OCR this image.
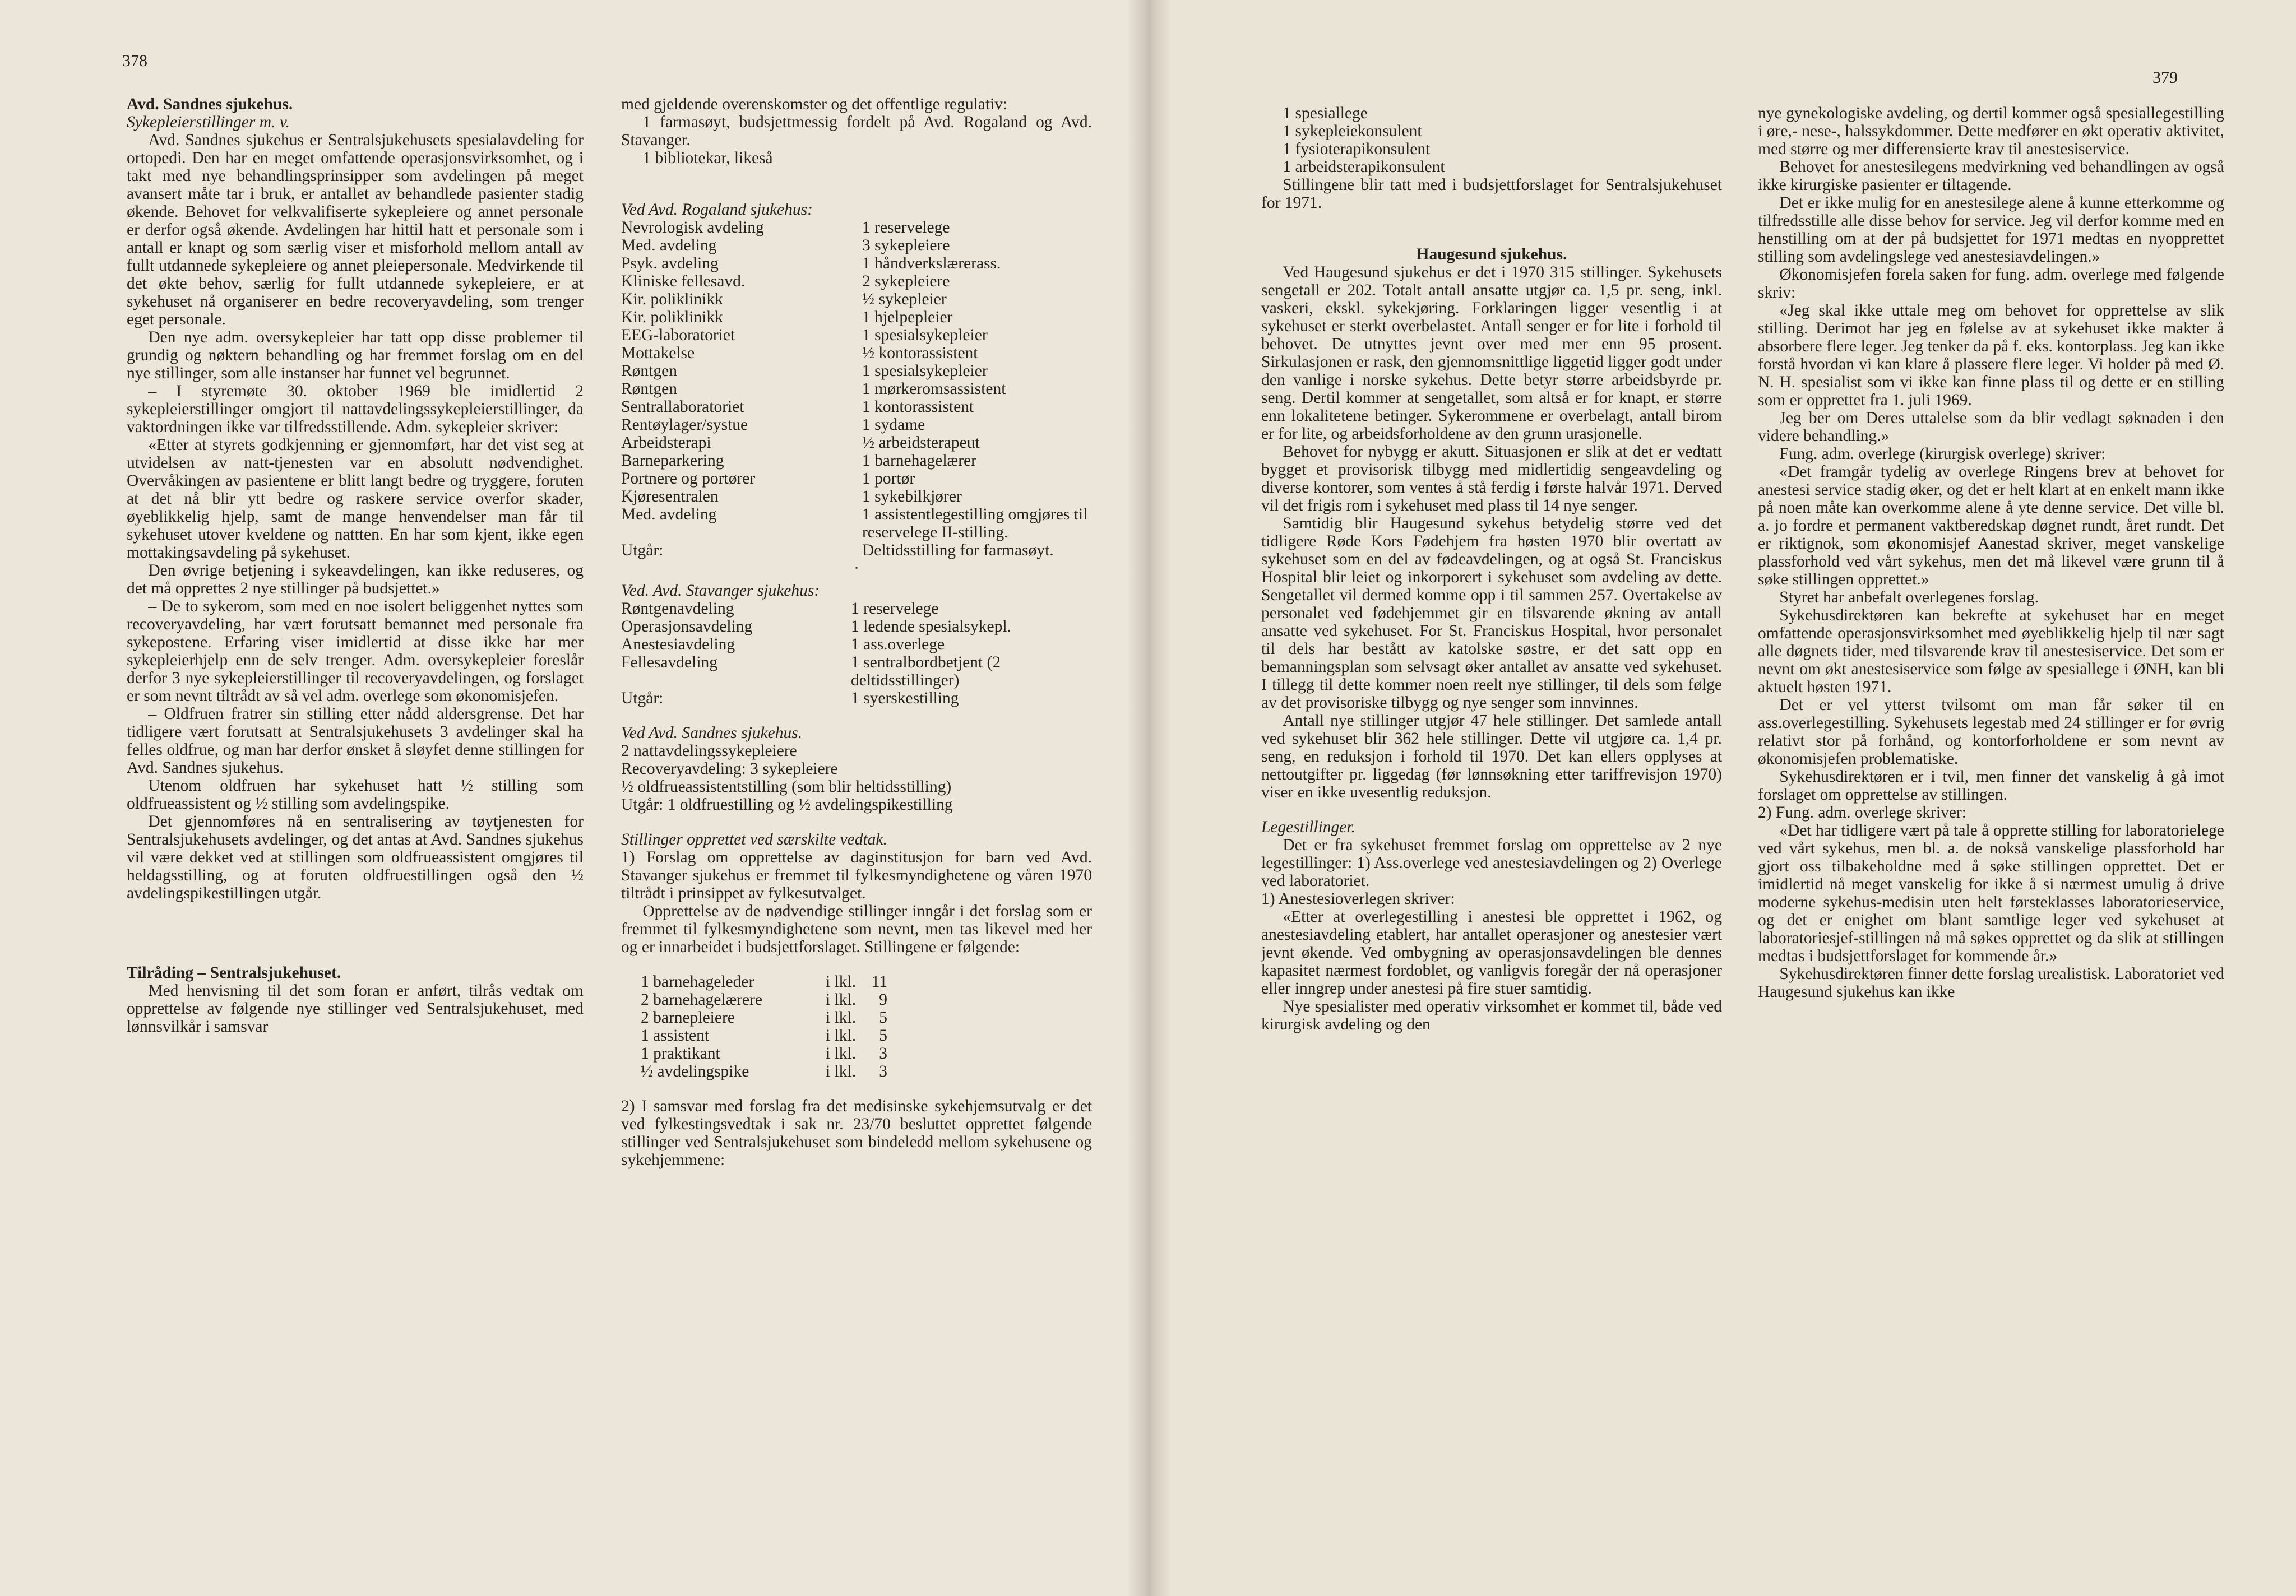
378
Avd. Sandnes sjukehus.

Sykepleierstillinger m. v.

Avd. Sandnes sjukehus er Sentralsjukehusets spesialavdeling for ortopedi. Den har en meget omfattende operasjonsvirksomhet, og i takt med nye behandlingsprinsipper som avdelingen på meget avansert måte tar i bruk, er antallet av behandlede pasienter stadig økende. Behovet for velkvalifiserte sykepleiere og annet personale er derfor også økende. Avdelingen har hittil hatt et personale som i antall er knapt og som særlig viser et misforhold mellom antall av fullt utdannede sykepleiere og annet pleiepersonale. Medvirkende til det økte behov, særlig for fullt utdannede sykepleiere, er at sykehuset nå organiserer en bedre recoveryavdeling, som trenger eget personale.

Den nye adm. oversykepleier har tatt opp disse problemer til grundig og nøktern behandling og har fremmet forslag om en del nye stillinger, som alle instanser har funnet vel begrunnet.

– I styremøte 30. oktober 1969 ble imidlertid 2 sykepleierstillinger omgjort til nattavdelingssykepleierstillinger, da vaktordningen ikke var tilfredsstillende. Adm. sykepleier skriver:

«Etter at styrets godkjenning er gjennomført, har det vist seg at utvidelsen av natt-tjenesten var en absolutt nødvendighet. Overvåkingen av pasientene er blitt langt bedre og tryggere, foruten at det nå blir ytt bedre og raskere service overfor skader, øyeblikkelig hjelp, samt de mange henvendelser man får til sykehuset utover kveldene og nattten. En har som kjent, ikke egen mottakingsavdeling på sykehuset.

Den øvrige betjening i sykeavdelingen, kan ikke reduseres, og det må opprettes 2 nye stillinger på budsjettet.»

– De to sykerom, som med en noe isolert beliggenhet nyttes som recoveryavdeling, har vært forutsatt bemannet med personale fra sykepostene. Erfaring viser imidlertid at disse ikke har mer sykepleierhjelp enn de selv trenger. Adm. oversykepleier foreslår derfor 3 nye sykepleierstillinger til recoveryavdelingen, og forslaget er som nevnt tiltrådt av så vel adm. overlege som økonomisjefen.

– Oldfruen fratrer sin stilling etter nådd aldersgrense. Det har tidligere vært forutsatt at Sentralsjukehusets 3 avdelinger skal ha felles oldfrue, og man har derfor ønsket å sløyfet denne stillingen for Avd. Sandnes sjukehus.

Utenom oldfruen har sykehuset hatt ½ stilling som oldfrueassistent og ½ stilling som avdelingspike.

Det gjennomføres nå en sentralisering av tøytjenesten for Sentralsjukehusets avdelinger, og det antas at Avd. Sandnes sjukehus vil være dekket ved at stillingen som oldfrueassistent omgjøres til heldagsstilling, og at foruten oldfruestillingen også den ½ avdelingspikestillingen utgår.

Tilråding – Sentralsjukehuset.

Med henvisning til det som foran er anført, tilrås vedtak om opprettelse av følgende nye stillinger ved Sentralsjukehuset, med lønnsvilkår i samsvar

med gjeldende overenskomster og det offentlige regulativ:

1 farmasøyt, budsjettmessig fordelt på Avd. Rogaland og Avd. Stavanger.

1 bibliotekar, likeså

Ved Avd. Rogaland sjukehus:

Nevrologisk avdeling	1 reservelege
Med. avdeling	3 sykepleiere
Psyk. avdeling	1 håndverkslærerass.
Kliniske fellesavd.	2 sykepleiere
Kir. poliklinikk	½ sykepleier
Kir. poliklinikk	1 hjelpepleier
EEG-laboratoriet	1 spesialsykepleier
Mottakelse	½ kontorassistent
Røntgen	1 spesialsykepleier
Røntgen	1 mørkeromsassistent
Sentrallaboratoriet	1 kontorassistent
Rentøylager/systue	1 sydame
Arbeidsterapi	½ arbeidsterapeut
Barneparkering	1 barnehagelærer
Portnere og portører	1 portør
Kjøresentralen	1 sykebilkjører
Med. avdeling	1 assistentlegestilling omgjøres til reservelege II-stilling.
Utgår:	Deltidsstilling for farmasøyt.
·

Ved. Avd. Stavanger sjukehus:

Røntgenavdeling	1 reservelege
Operasjonsavdeling	1 ledende spesialsykepl.
Anestesiavdeling	1 ass.overlege
Fellesavdeling	1 sentralbordbetjent (2 deltidsstillinger)
Utgår:	1 syerskestilling

Ved Avd. Sandnes sjukehus.

2 nattavdelingssykepleiere
Recoveryavdeling: 3 sykepleiere
½ oldfrueassistentstilling (som blir heltidsstilling)
Utgår: 1 oldfruestilling og ½ avdelingspikestilling

Stillinger opprettet ved særskilte vedtak.

1) Forslag om opprettelse av daginstitusjon for barn ved Avd. Stavanger sjukehus er fremmet til fylkesmyndighetene og våren 1970 tiltrådt i prinsippet av fylkesutvalget.

Opprettelse av de nødvendige stillinger inngår i det forslag som er fremmet til fylkesmyndighetene som nevnt, men tas likevel med her og er innarbeidet i budsjettforslaget. Stillingene er følgende:

1 barnehageleder	i lkl. 11
2 barnehagelærere	i lkl.	9
2 barnepleiere	i lkl.	5
1 assistent	i lkl.	5
1 praktikant	i lkl.	3
½ avdelingspike	i lkl.	3

2) I samsvar med forslag fra det medisinske sykehjemsutvalg er det ved fylkestingsvedtak i sak nr. 23/70 besluttet opprettet følgende stillinger ved Sentralsjukehuset som bindeledd mellom sykehusene og sykehjemmene:

379
1 spesiallege
1 sykepleiekonsulent
1 fysioterapikonsulent
1 arbeidsterapikonsulent

Stillingene blir tatt med i budsjettforslaget for Sentralsjukehuset for 1971.

Haugesund sjukehus.

Ved Haugesund sjukehus er det i 1970 315 stillinger. Sykehusets sengetall er 202. Totalt antall ansatte utgjør ca. 1,5 pr. seng, inkl. vaskeri, ekskl. sykekjøring. Forklaringen ligger vesentlig i at sykehuset er sterkt overbelastet. Antall senger er for lite i forhold til behovet. De utnyttes jevnt over med mer enn 95 prosent. Sirkulasjonen er rask, den gjennomsnittlige liggetid ligger godt under den vanlige i norske sykehus. Dette betyr større arbeidsbyrde pr. seng. Dertil kommer at sengetallet, som altså er for knapt, er større enn lokalitetene betinger. Sykerommene er overbelagt, antall birom er for lite, og arbeidsforholdene av den grunn urasjonelle.

Behovet for nybygg er akutt. Situasjonen er slik at det er vedtatt bygget et provisorisk tilbygg med midlertidig sengeavdeling og diverse kontorer, som ventes å stå ferdig i første halvår 1971. Derved vil det frigis rom i sykehuset med plass til 14 nye senger.

Samtidig blir Haugesund sykehus betydelig større ved det tidligere Røde Kors Fødehjem fra høsten 1970 blir overtatt av sykehuset som en del av fødeavdelingen, og at også St. Franciskus Hospital blir leiet og inkorporert i sykehuset som avdeling av dette. Sengetallet vil dermed komme opp i til sammen 257. Overtakelse av personalet ved fødehjemmet gir en tilsvarende økning av antall ansatte ved sykehuset. For St. Franciskus Hospital, hvor personalet til dels har bestått av katolske søstre, er det satt opp en bemanningsplan som selvsagt øker antallet av ansatte ved sykehuset. I tillegg til dette kommer noen reelt nye stillinger, til dels som følge av det provisoriske tilbygg og nye senger som innvinnes.

Antall nye stillinger utgjør 47 hele stillinger. Det samlede antall ved sykehuset blir 362 hele stillinger. Dette vil utgjøre ca. 1,4 pr. seng, en reduksjon i forhold til 1970. Det kan ellers opplyses at nettoutgifter pr. liggedag (før lønnsøkning etter tariffrevisjon 1970) viser en ikke uvesentlig reduksjon.

Legestillinger.

Det er fra sykehuset fremmet forslag om opprettelse av 2 nye legestillinger: 1) Ass.overlege ved anestesiavdelingen og 2) Overlege ved laboratoriet.

1) Anestesioverlegen skriver:

«Etter at overlegestilling i anestesi ble opprettet i 1962, og anestesiavdeling etablert, har antallet operasjoner og anestesier vært jevnt økende. Ved ombygning av operasjonsavdelingen ble dennes kapasitet nærmest fordoblet, og vanligvis foregår der nå operasjoner eller inngrep under anestesi på fire stuer samtidig.

Nye spesialister med operativ virksomhet er kommet til, både ved kirurgisk avdeling og den

nye gynekologiske avdeling, og dertil kommer også spesiallegestilling i øre,- nese-, halssykdommer. Dette medfører en økt operativ aktivitet, med større og mer differensierte krav til anestesiservice.

Behovet for anestesilegens medvirkning ved behandlingen av også ikke kirurgiske pasienter er tiltagende.

Det er ikke mulig for en anestesilege alene å kunne etterkomme og tilfredsstille alle disse behov for service. Jeg vil derfor komme med en henstilling om at der på budsjettet for 1971 medtas en nyopprettet stilling som avdelingslege ved anestesiavdelingen.»

Økonomisjefen forela saken for fung. adm. overlege med følgende skriv:

«Jeg skal ikke uttale meg om behovet for opprettelse av slik stilling. Derimot har jeg en følelse av at sykehuset ikke makter å absorbere flere leger. Jeg tenker da på f. eks. kontorplass. Jeg kan ikke forstå hvordan vi kan klare å plassere flere leger. Vi holder på med Ø. N. H. spesialist som vi ikke kan finne plass til og dette er en stilling som er opprettet fra 1. juli 1969.

Jeg ber om Deres uttalelse som da blir vedlagt søknaden i den videre behandling.»

Fung. adm. overlege (kirurgisk overlege) skriver:

«Det framgår tydelig av overlege Ringens brev at behovet for anestesi service stadig øker, og det er helt klart at en enkelt mann ikke på noen måte kan overkomme alene å yte denne service. Det ville bl. a. jo fordre et permanent vaktberedskap døgnet rundt, året rundt. Det er riktignok, som økonomisjef Aanestad skriver, meget vanskelige plassforhold ved vårt sykehus, men det må likevel være grunn til å søke stillingen opprettet.»

Styret har anbefalt overlegenes forslag.

Sykehusdirektøren kan bekrefte at sykehuset har en meget omfattende operasjonsvirksomhet med øyeblikkelig hjelp til nær sagt alle døgnets tider, med tilsvarende krav til anestesiservice. Det som er nevnt om økt anestesiservice som følge av spesiallege i ØNH, kan bli aktuelt høsten 1971.

Det er vel ytterst tvilsomt om man får søker til en ass.overlegestilling. Sykehusets legestab med 24 stillinger er for øvrig relativt stor på forhånd, og kontorforholdene er som nevnt av økonomisjefen problematiske.

Sykehusdirektøren er i tvil, men finner det vanskelig å gå imot forslaget om opprettelse av stillingen.

2) Fung. adm. overlege skriver:

«Det har tidligere vært på tale å opprette stilling for laboratorielege ved vårt sykehus, men bl. a. de nokså vanskelige plassforhold har gjort oss tilbakeholdne med å søke stillingen opprettet. Det er imidlertid nå meget vanskelig for ikke å si nærmest umulig å drive moderne sykehus-medisin uten helt førsteklasses laboratorieservice, og det er enighet om blant samtlige leger ved sykehuset at laboratoriesjef-stillingen nå må søkes opprettet og da slik at stillingen medtas i budsjettforslaget for kommende år.»

Sykehusdirektøren finner dette forslag urealistisk. Laboratoriet ved Haugesund sjukehus kan ikke
